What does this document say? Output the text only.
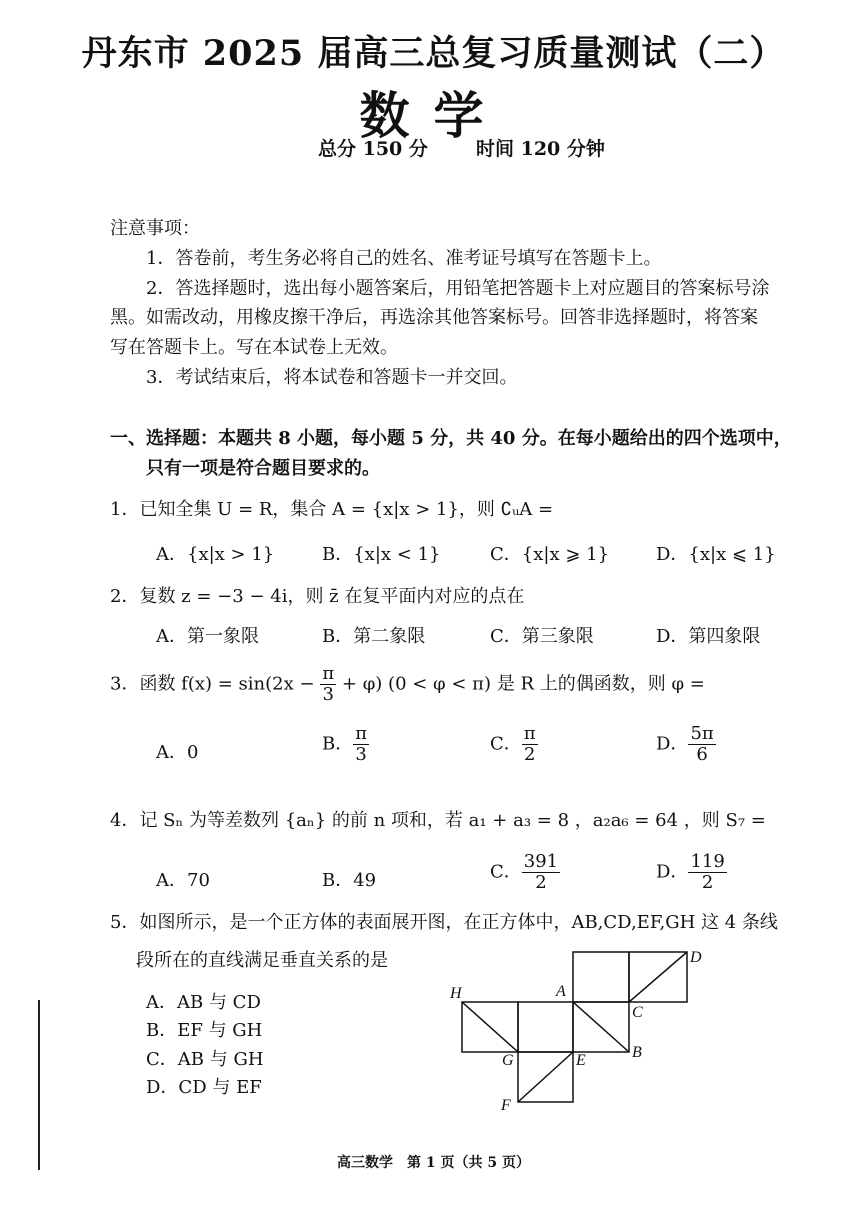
丹东市 2025 届高三总复习质量测试（二）
数学
总分 150 分	时间 120 分钟
注意事项：
1．答卷前，考生务必将自己的姓名、准考证号填写在答题卡上。
2．答选择题时，选出每小题答案后，用铅笔把答题卡上对应题目的答案标号涂
黑。如需改动，用橡皮擦干净后，再选涂其他答案标号。回答非选择题时，将答案
写在答题卡上。写在本试卷上无效。
3．考试结束后，将本试卷和答题卡一并交回。
一、选择题：本题共 8 小题，每小题 5 分，共 40 分。在每小题给出的四个选项中，
只有一项是符合题目要求的。
1．已知全集 U = R，集合 A = {x|x > 1}，则 ∁ᵤA =
A．{x|x > 1}	B．{x|x < 1}	C．{x|x ⩾ 1}	D．{x|x ⩽ 1}
2．复数 z = −3 − 4i，则 z̄ 在复平面内对应的点在
A．第一象限	B．第二象限	C．第三象限	D．第四象限
3．函数 $f(x) = \sin(2x - \frac{\pi}{3} + \varphi)$ (0 < φ < π) 是 R 上的偶函数，则 φ =
A．0	B． $\frac{\pi}{3}$	C． $\frac{\pi}{2}$	D． $\frac{5\pi}{6}$
4．记 Sₙ 为等差数列 {aₙ} 的前 n 项和，若 a₁ + a₃ = 8 ，a₂a₆ = 64 ，则 S₇ =
A．70	B．49	C． $\frac{391}{2}$	D． $\frac{119}{2}$
5．如图所示，是一个正方体的表面展开图，在正方体中，AB,CD,EF,GH 这 4 条线
段所在的直线满足垂直关系的是
A．AB 与 CD
B．EF 与 GH
C．AB 与 GH
D．CD 与 EF
H	A
D
C
B
G	E
F
高三数学　第 1 页（共 5 页）
